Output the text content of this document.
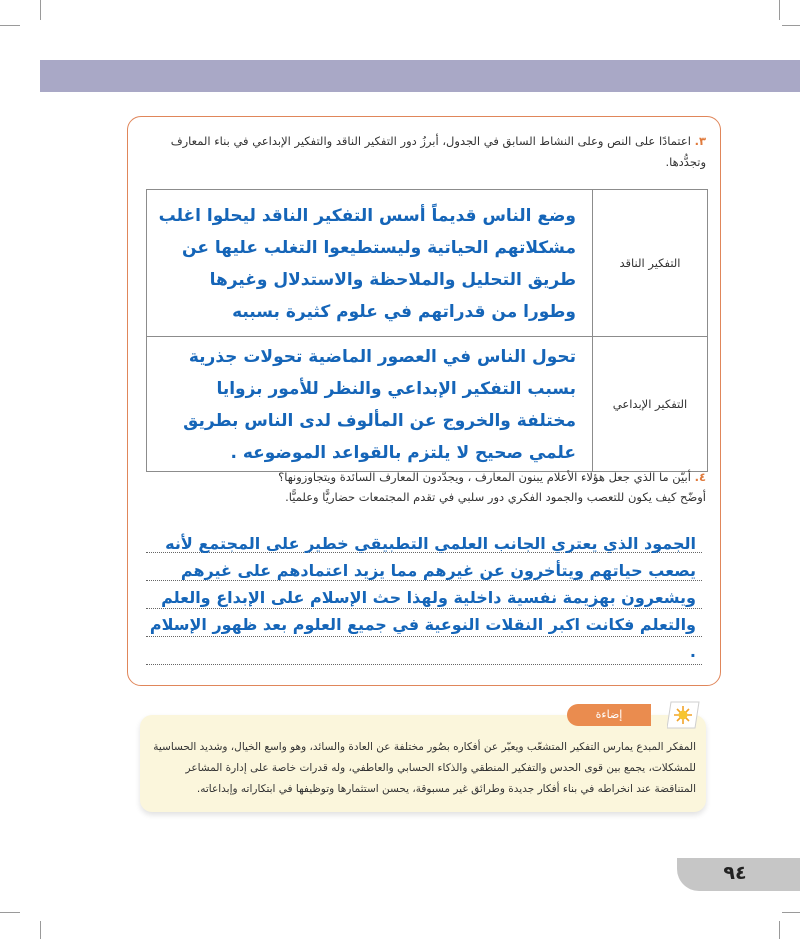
٣. اعتمادًا على النص وعلى النشاط السابق في الجدول، أبرزُ دور التفكير الناقد والتفكير الإبداعي في بناء المعارف وتجدُّدها.
التفكير الناقد	وضع الناس قديماً أسس التفكير الناقد ليحلوا اغلب مشكلاتهم الحياتية وليستطيعوا التغلب عليها عن طريق التحليل والملاحظة والاستدلال وغيرها وطورا من قدراتهم في علوم كثيرة بسببه
التفكير الإبداعي	تحول الناس في العصور الماضية تحولات جذرية بسبب التفكير الإبداعي والنظر للأمور بزوايا مختلفة والخروج عن المألوف لدى الناس بطريق علمي صحيح لا يلتزم بالقواعد الموضوعه .
٤. أبيّن ما الذي جعل هؤلاء الأعلام يبنون المعارف ، ويجدّدون المعارف السائدة ويتجاوزونها؟
أوضّح كيف يكون للتعصب والجمود الفكري دور سلبي في تقدم المجتمعات حضاريًّا وعلميًّا.
الجمود الذي يعتري الجانب العلمي التطبيقي خطير على المجتمع لأنه يصعب حياتهم ويتأخرون عن غيرهم مما يزيد اعتمادهم على غيرهم ويشعرون بهزيمة نفسية داخلية ولهذا حث الإسلام على الإبداع والعلم والتعلم فكانت اكبر النقلات النوعية في جميع العلوم بعد ظهور الإسلام .
إضاءة
المفكر المبدع يمارس التفكير المتشعّب ويعبّر عن أفكاره بصُور مختلفة عن العادة والسائد، وهو واسع الخيال، وشديد الحساسية للمشكلات، يجمع بين قوى الحدس والتفكير المنطقي والذكاء الحسابي والعاطفي، وله قدرات خاصة على إدارة المشاعر المتناقضة عند انخراطه في بناء أفكار جديدة وطرائق غير مسبوقة، يحسن استثمارها وتوظيفها في ابتكاراته وإبداعاته.
٩٤
